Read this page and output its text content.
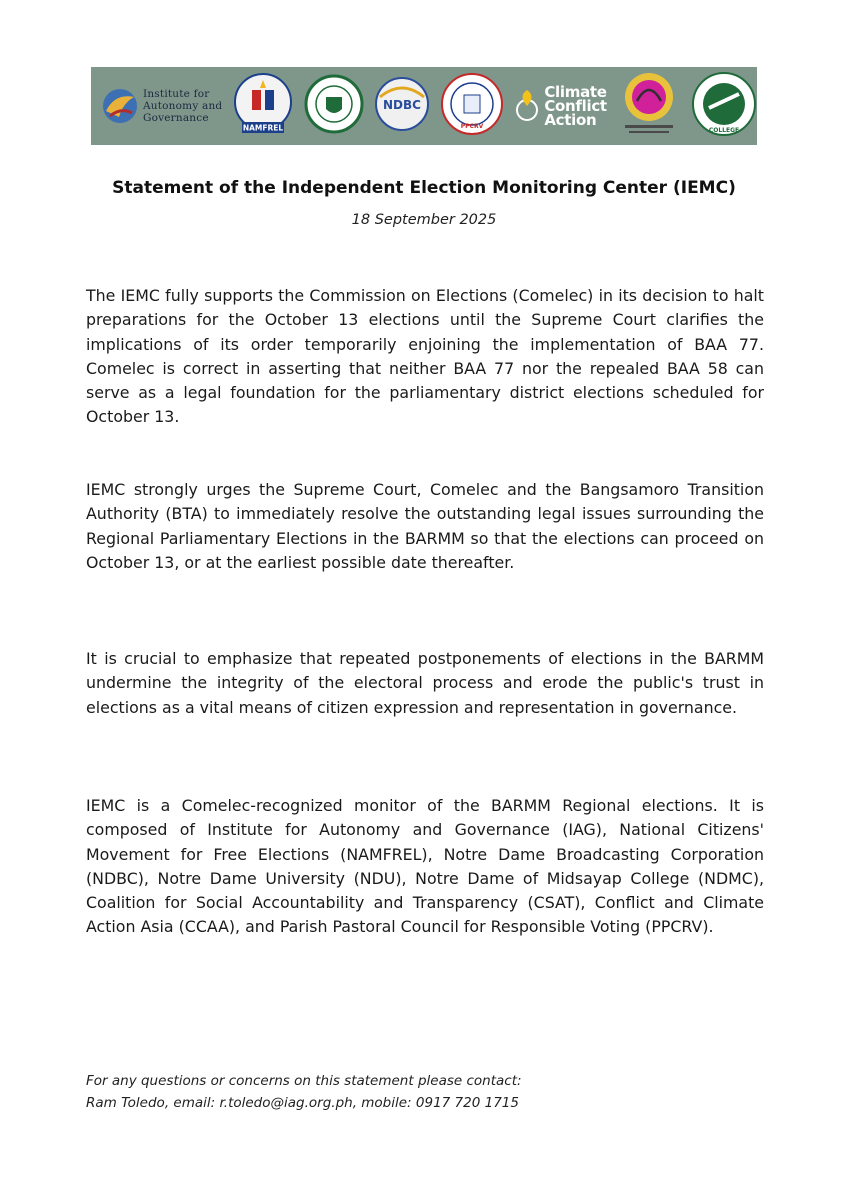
Institute for
Autonomy and
Governance
NAMFREL
NDBC
PPCRV
Climate
Conflict
Action
COLLEGE
Statement of the Independent Election Monitoring Center (IEMC)
18 September 2025

The IEMC fully supports the Commission on Elections (Comelec) in its decision to halt preparations for the October 13 elections until the Supreme Court clarifies the implications of its order temporarily enjoining the implementation of BAA 77. Comelec is correct in asserting that neither BAA 77 nor the repealed BAA 58 can serve as a legal foundation for the parliamentary district elections scheduled for October 13.

IEMC strongly urges the Supreme Court, Comelec and the Bangsamoro Transition Authority (BTA) to immediately resolve the outstanding legal issues surrounding the Regional Parliamentary Elections in the BARMM so that the elections can proceed on October 13, or at the earliest possible date thereafter.

It is crucial to emphasize that repeated postponements of elections in the BARMM undermine the integrity of the electoral process and erode the public's trust in elections as a vital means of citizen expression and representation in governance.

IEMC is a Comelec-recognized monitor of the BARMM Regional elections. It is composed of Institute for Autonomy and Governance (IAG), National Citizens' Movement for Free Elections (NAMFREL), Notre Dame Broadcasting Corporation (NDBC), Notre Dame University (NDU), Notre Dame of Midsayap College (NDMC), Coalition for Social Accountability and Transparency (CSAT), Conflict and Climate Action Asia (CCAA), and Parish Pastoral Council for Responsible Voting (PPCRV).

For any questions or concerns on this statement please contact:
Ram Toledo, email: r.toledo@iag.org.ph, mobile: 0917 720 1715
